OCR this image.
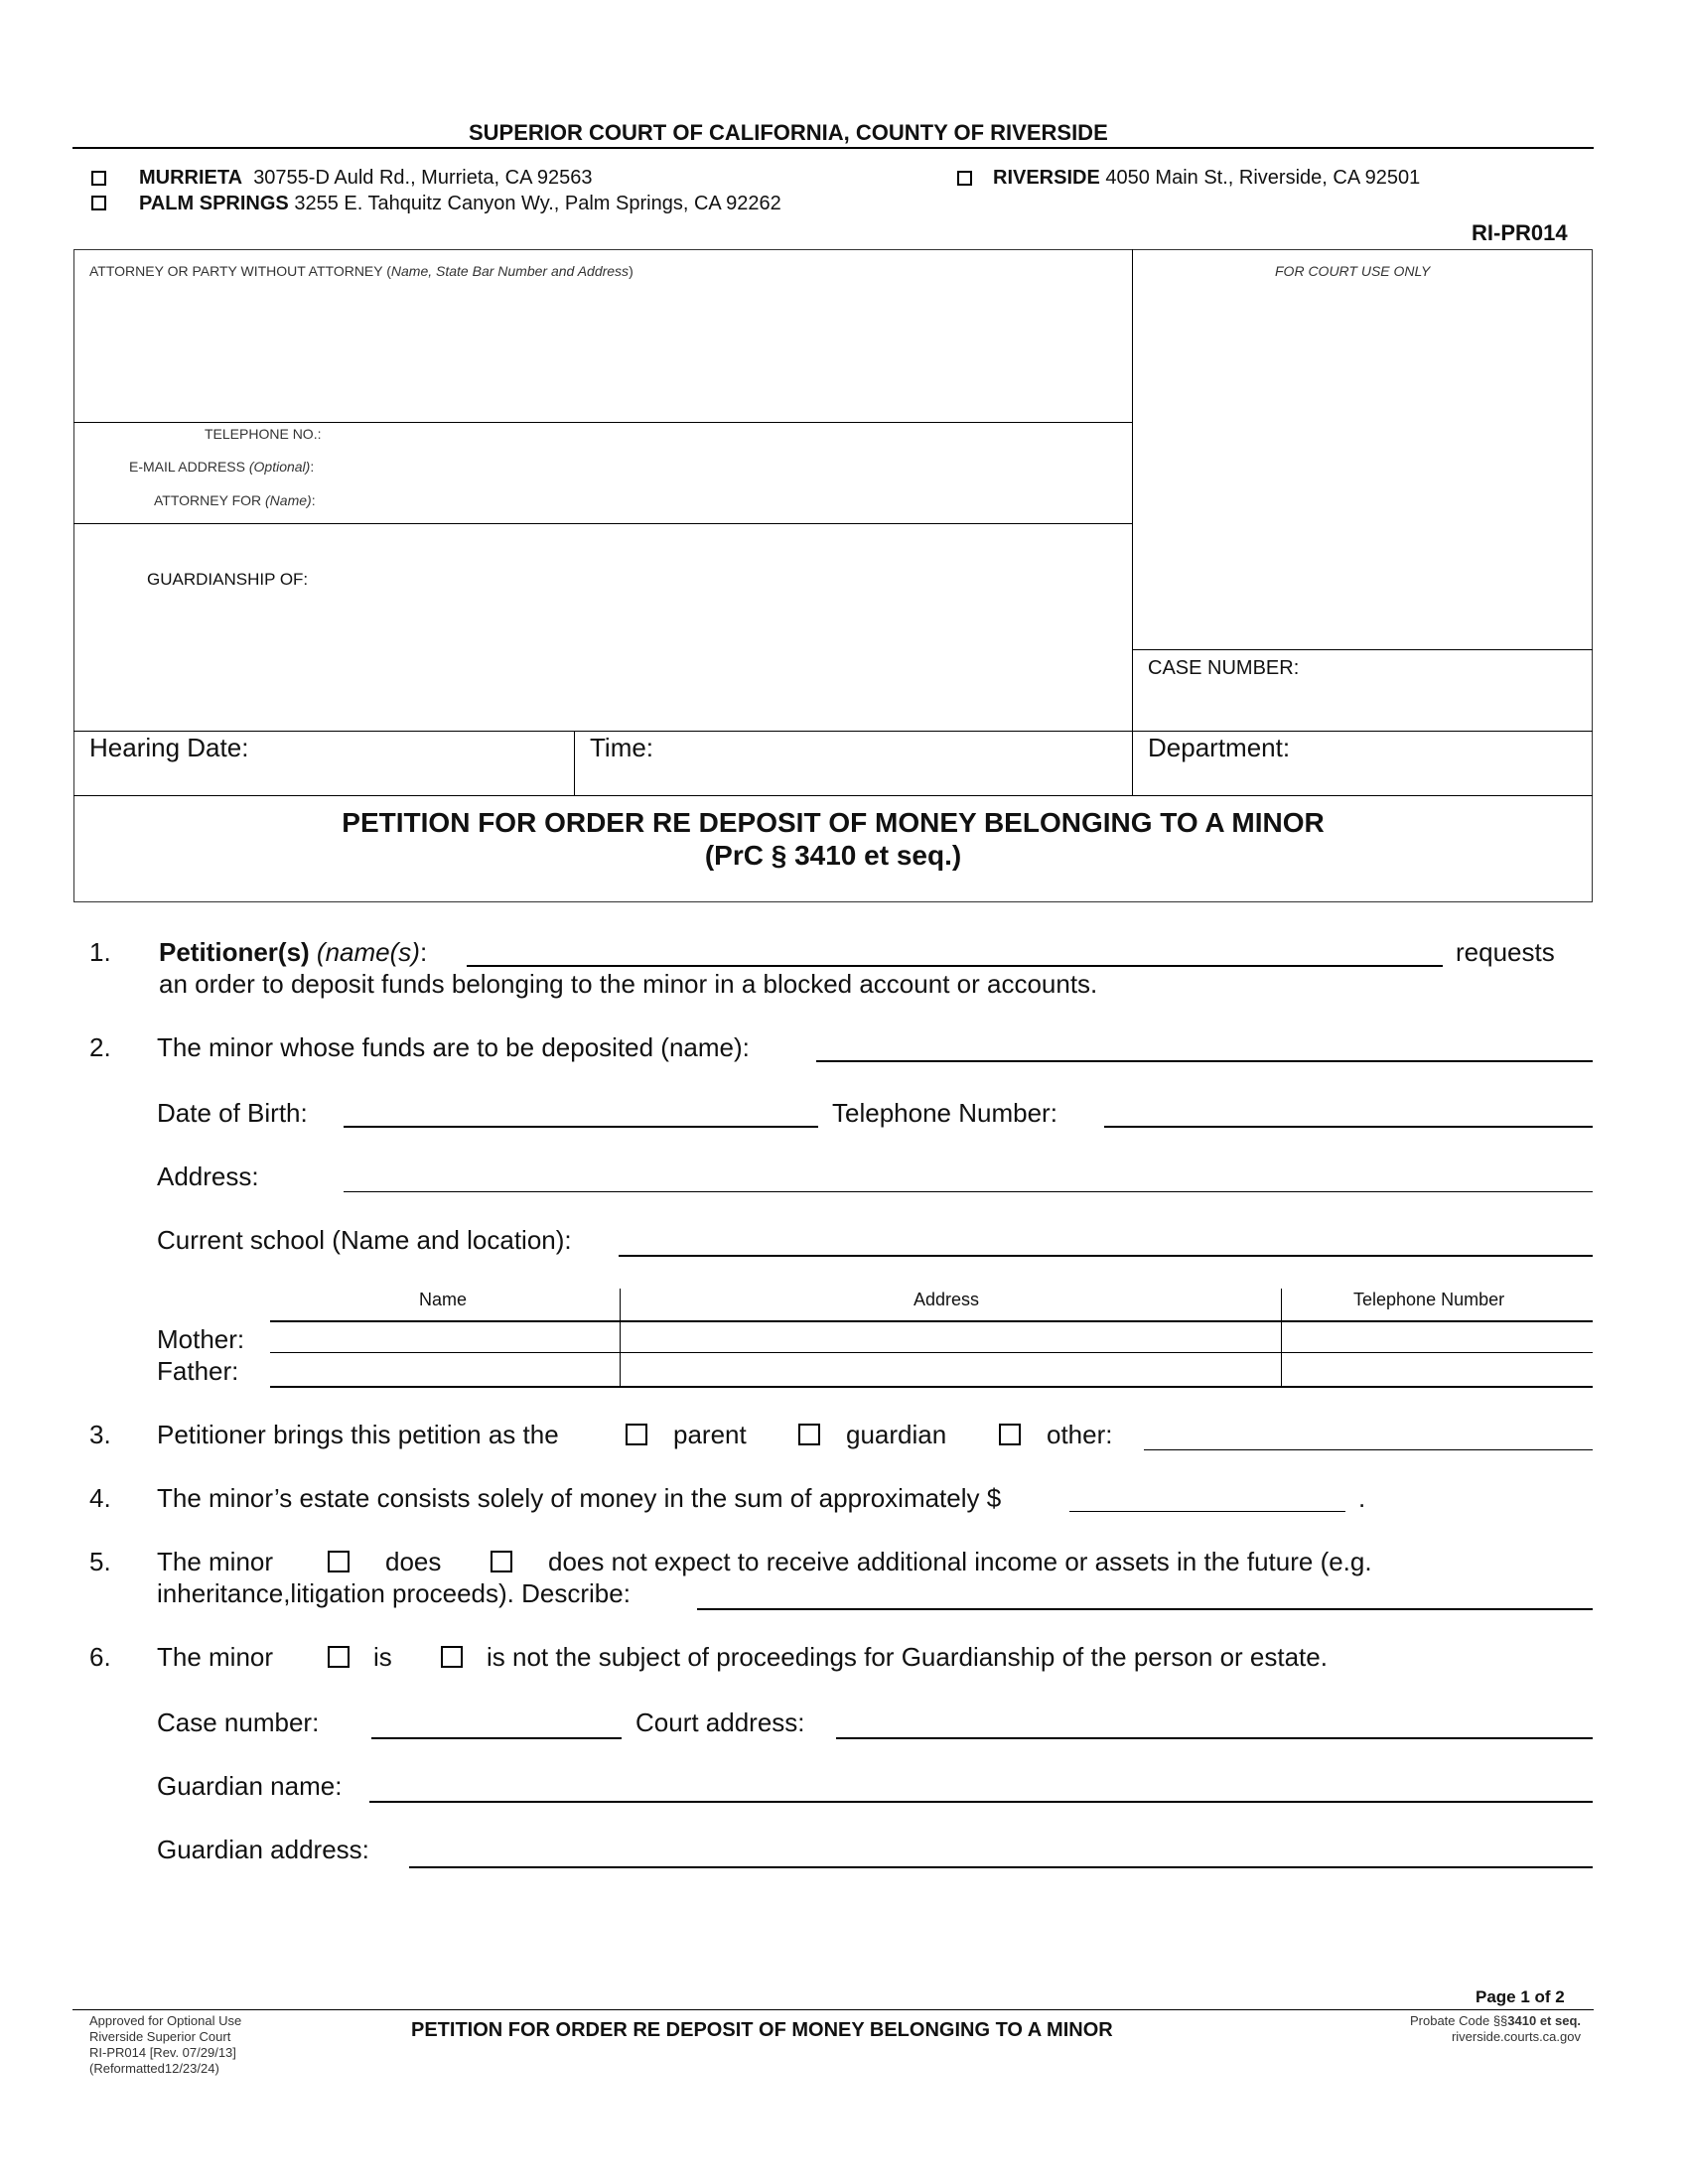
SUPERIOR COURT OF CALIFORNIA, COUNTY OF RIVERSIDE
MURRIETA 30755-D Auld Rd., Murrieta, CA 92563
PALM SPRINGS 3255 E. Tahquitz Canyon Wy., Palm Springs, CA 92262
RIVERSIDE 4050 Main St., Riverside, CA 92501
RI-PR014
ATTORNEY OR PARTY WITHOUT ATTORNEY (Name, State Bar Number and Address)	FOR COURT USE ONLY
TELEPHONE NO.:
E-MAIL ADDRESS (Optional):
ATTORNEY FOR (Name):
GUARDIANSHIP OF:
CASE NUMBER:
Hearing Date:	Time:	Department:
PETITION FOR ORDER RE DEPOSIT OF MONEY BELONGING TO A MINOR
(PrC § 3410 et seq.)
1. Petitioner(s) (name(s):	requests
an order to deposit funds belonging to the minor in a blocked account or accounts.
2. The minor whose funds are to be deposited (name):
Date of Birth:	Telephone Number:
Address:
Current school (Name and location):
Name	Address	Telephone Number
Mother:
Father:
3. Petitioner brings this petition as the	parent	guardian	other:
4. The minor’s estate consists solely of money in the sum of approximately $	.
5. The minor	does	does not expect to receive additional income or assets in the future (e.g.
inheritance,litigation proceeds). Describe:
6. The minor	is	is not the subject of proceedings for Guardianship of the person or estate.
Case number:	Court address:
Guardian name:
Guardian address:
Page 1 of 2
Approved for Optional Use
Riverside Superior Court
RI-PR014 [Rev. 07/29/13]
(Reformatted12/23/24)
PETITION FOR ORDER RE DEPOSIT OF MONEY BELONGING TO A MINOR	Probate Code §§3410 et seq.
riverside.courts.ca.gov
